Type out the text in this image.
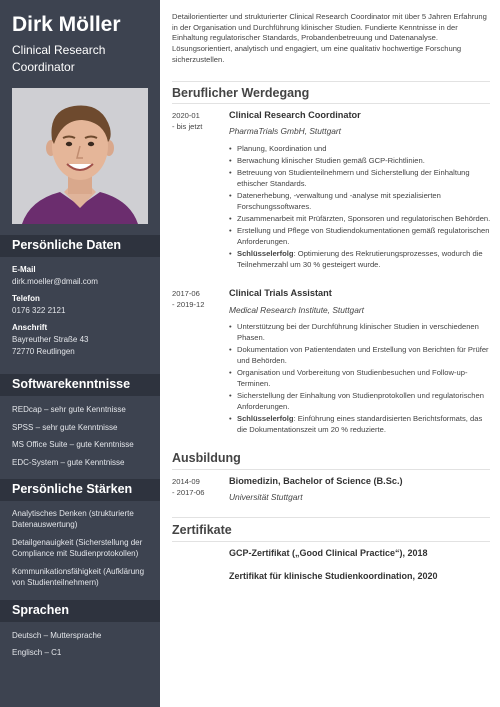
Dirk Möller
Clinical Research Coordinator
Persönliche Daten
E-Mail
dirk.moeller@dmail.com
Telefon
0176 322 2121
Anschrift
Bayreuther Straße 43
72770 Reutlingen
Softwarekenntnisse
REDcap – sehr gute Kenntnisse
SPSS – sehr gute Kenntnisse
MS Office Suite – gute Kenntnisse
EDC-System – gute Kenntnisse
Persönliche Stärken
Analytisches Denken (strukturierte Datenauswertung)
Detailgenauigkeit (Sicherstellung der Compliance mit Studienprotokollen)
Kommunikationsfähigkeit (Aufklärung von Studienteilnehmern)
Sprachen
Deutsch – Muttersprache
Englisch – C1
Detailorientierter und strukturierter Clinical Research Coordinator mit über 5 Jahren Erfahrung in der Organisation und Durchführung klinischer Studien. Fundierte Kenntnisse in der Einhaltung regulatorischer Standards, Probandenbetreuung und Datenanalyse. Lösungsorientiert, analytisch und engagiert, um eine qualitativ hochwertige Forschung sicherzustellen.
Beruflicher Werdegang
2020-01
- bis jetzt
Clinical Research Coordinator
PharmaTrials GmbH, Stuttgart
• Planung, Koordination und
• Berwachung klinischer Studien gemäß GCP-Richtlinien.
• Betreuung von Studienteilnehmern und Sicherstellung der Einhaltung ethischer Standards.
• Datenerhebung, -verwaltung und -analyse mit spezialisierten Forschungssoftwares.
• Zusammenarbeit mit Prüfärzten, Sponsoren und regulatorischen Behörden.
• Erstellung und Pflege von Studiendokumentationen gemäß regulatorischen Anforderungen.
• Schlüsselerfolg: Optimierung des Rekrutierungsprozesses, wodurch die Teilnehmerzahl um 30 % gesteigert wurde.
2017-06
- 2019-12
Clinical Trials Assistant
Medical Research Institute, Stuttgart
• Unterstützung bei der Durchführung klinischer Studien in verschiedenen Phasen.
• Dokumentation von Patientendaten und Erstellung von Berichten für Prüfer und Behörden.
• Organisation und Vorbereitung von Studienbesuchen und Follow-up-Terminen.
• Sicherstellung der Einhaltung von Studienprotokollen und regulatorischen Anforderungen.
• Schlüsselerfolg: Einführung eines standardisierten Berichtsformats, das die Dokumentationszeit um 20 % reduzierte.
Ausbildung
2014-09
- 2017-06
Biomedizin, Bachelor of Science (B.Sc.)
Universität Stuttgart
Zertifikate
GCP-Zertifikat („Good Clinical Practice“), 2018
Zertifikat für klinische Studienkoordination, 2020
